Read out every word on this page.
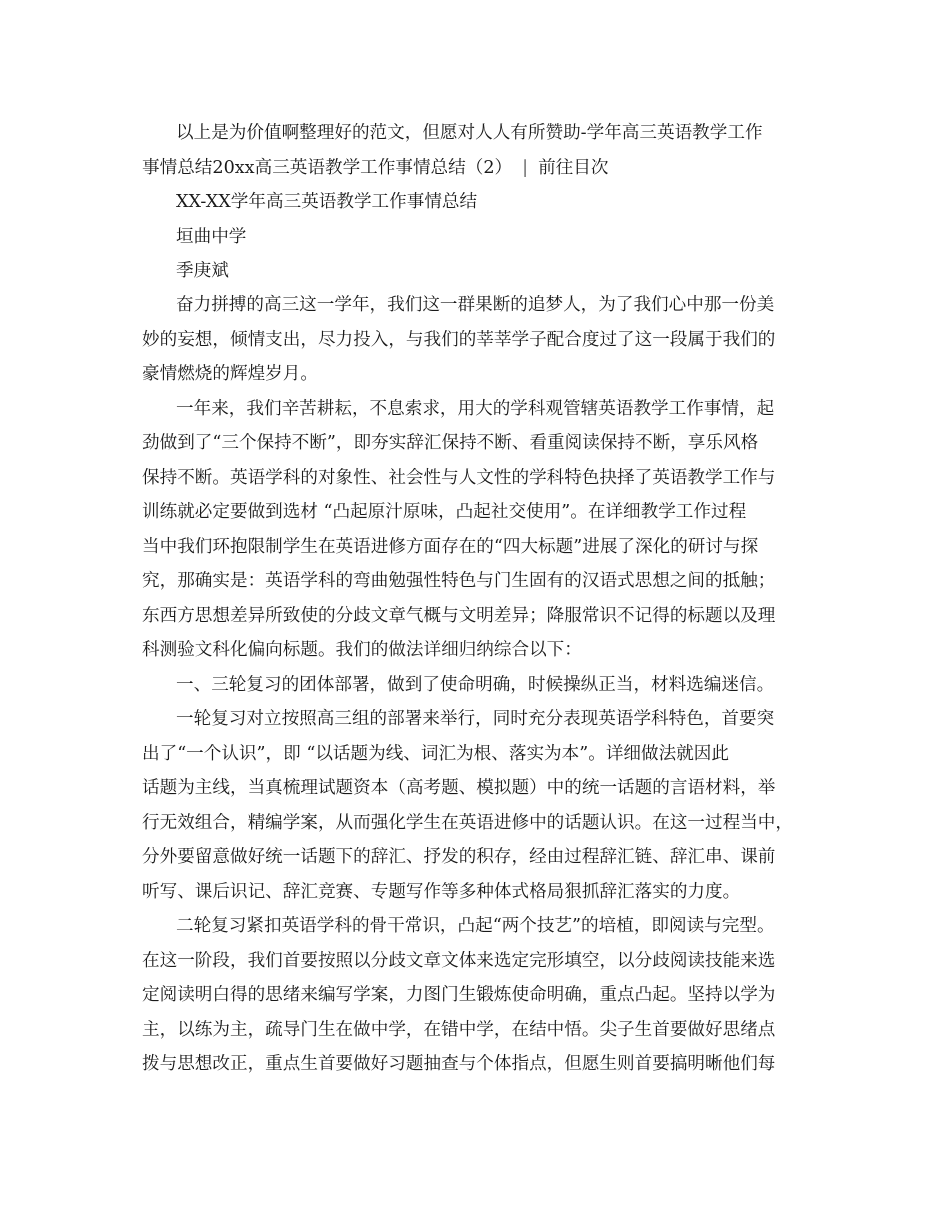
以上是为价值啊整理好的范文，但愿对人人有所赞助-学年高三英语教学工作
事情总结20xx高三英语教学工作事情总结（2） | 前往目次
XX-XX学年高三英语教学工作事情总结
垣曲中学
季庚斌
奋力拼搏的高三这一学年，我们这一群果断的追梦人，为了我们心中那一份美
妙的妄想，倾情支出，尽力投入，与我们的莘莘学子配合度过了这一段属于我们的
豪情燃烧的辉煌岁月。
一年来，我们辛苦耕耘，不息索求，用大的学科观管辖英语教学工作事情，起
劲做到了“三个保持不断”，即夯实辞汇保持不断、看重阅读保持不断，享乐风格
保持不断。英语学科的对象性、社会性与人文性的学科特色抉择了英语教学工作与
训练就必定要做到选材 “凸起原汁原味，凸起社交使用”。在详细教学工作过程
当中我们环抱限制学生在英语进修方面存在的“四大标题”进展了深化的研讨与探
究，那确实是：英语学科的弯曲勉强性特色与门生固有的汉语式思想之间的抵触；
东西方思想差异所致使的分歧文章气概与文明差异；降服常识不记得的标题以及理
科测验文科化偏向标题。我们的做法详细归纳综合以下：
一、三轮复习的团体部署，做到了使命明确，时候操纵正当，材料选编迷信。
一轮复习对立按照高三组的部署来举行，同时充分表现英语学科特色，首要突
出了“一个认识”，即 “以话题为线、词汇为根、落实为本”。详细做法就因此
话题为主线，当真梳理试题资本（高考题、模拟题）中的统一话题的言语材料，举
行无效组合，精编学案，从而强化学生在英语进修中的话题认识。在这一过程当中，
分外要留意做好统一话题下的辞汇、抒发的积存，经由过程辞汇链、辞汇串、课前
听写、课后识记、辞汇竞赛、专题写作等多种体式格局狠抓辞汇落实的力度。
二轮复习紧扣英语学科的骨干常识，凸起“两个技艺”的培植，即阅读与完型。
在这一阶段，我们首要按照以分歧文章文体来选定完形填空，以分歧阅读技能来选
定阅读明白得的思绪来编写学案，力图门生锻炼使命明确，重点凸起。坚持以学为
主，以练为主，疏导门生在做中学，在错中学，在结中悟。尖子生首要做好思绪点
拨与思想改正，重点生首要做好习题抽查与个体指点，但愿生则首要搞明晰他们每
